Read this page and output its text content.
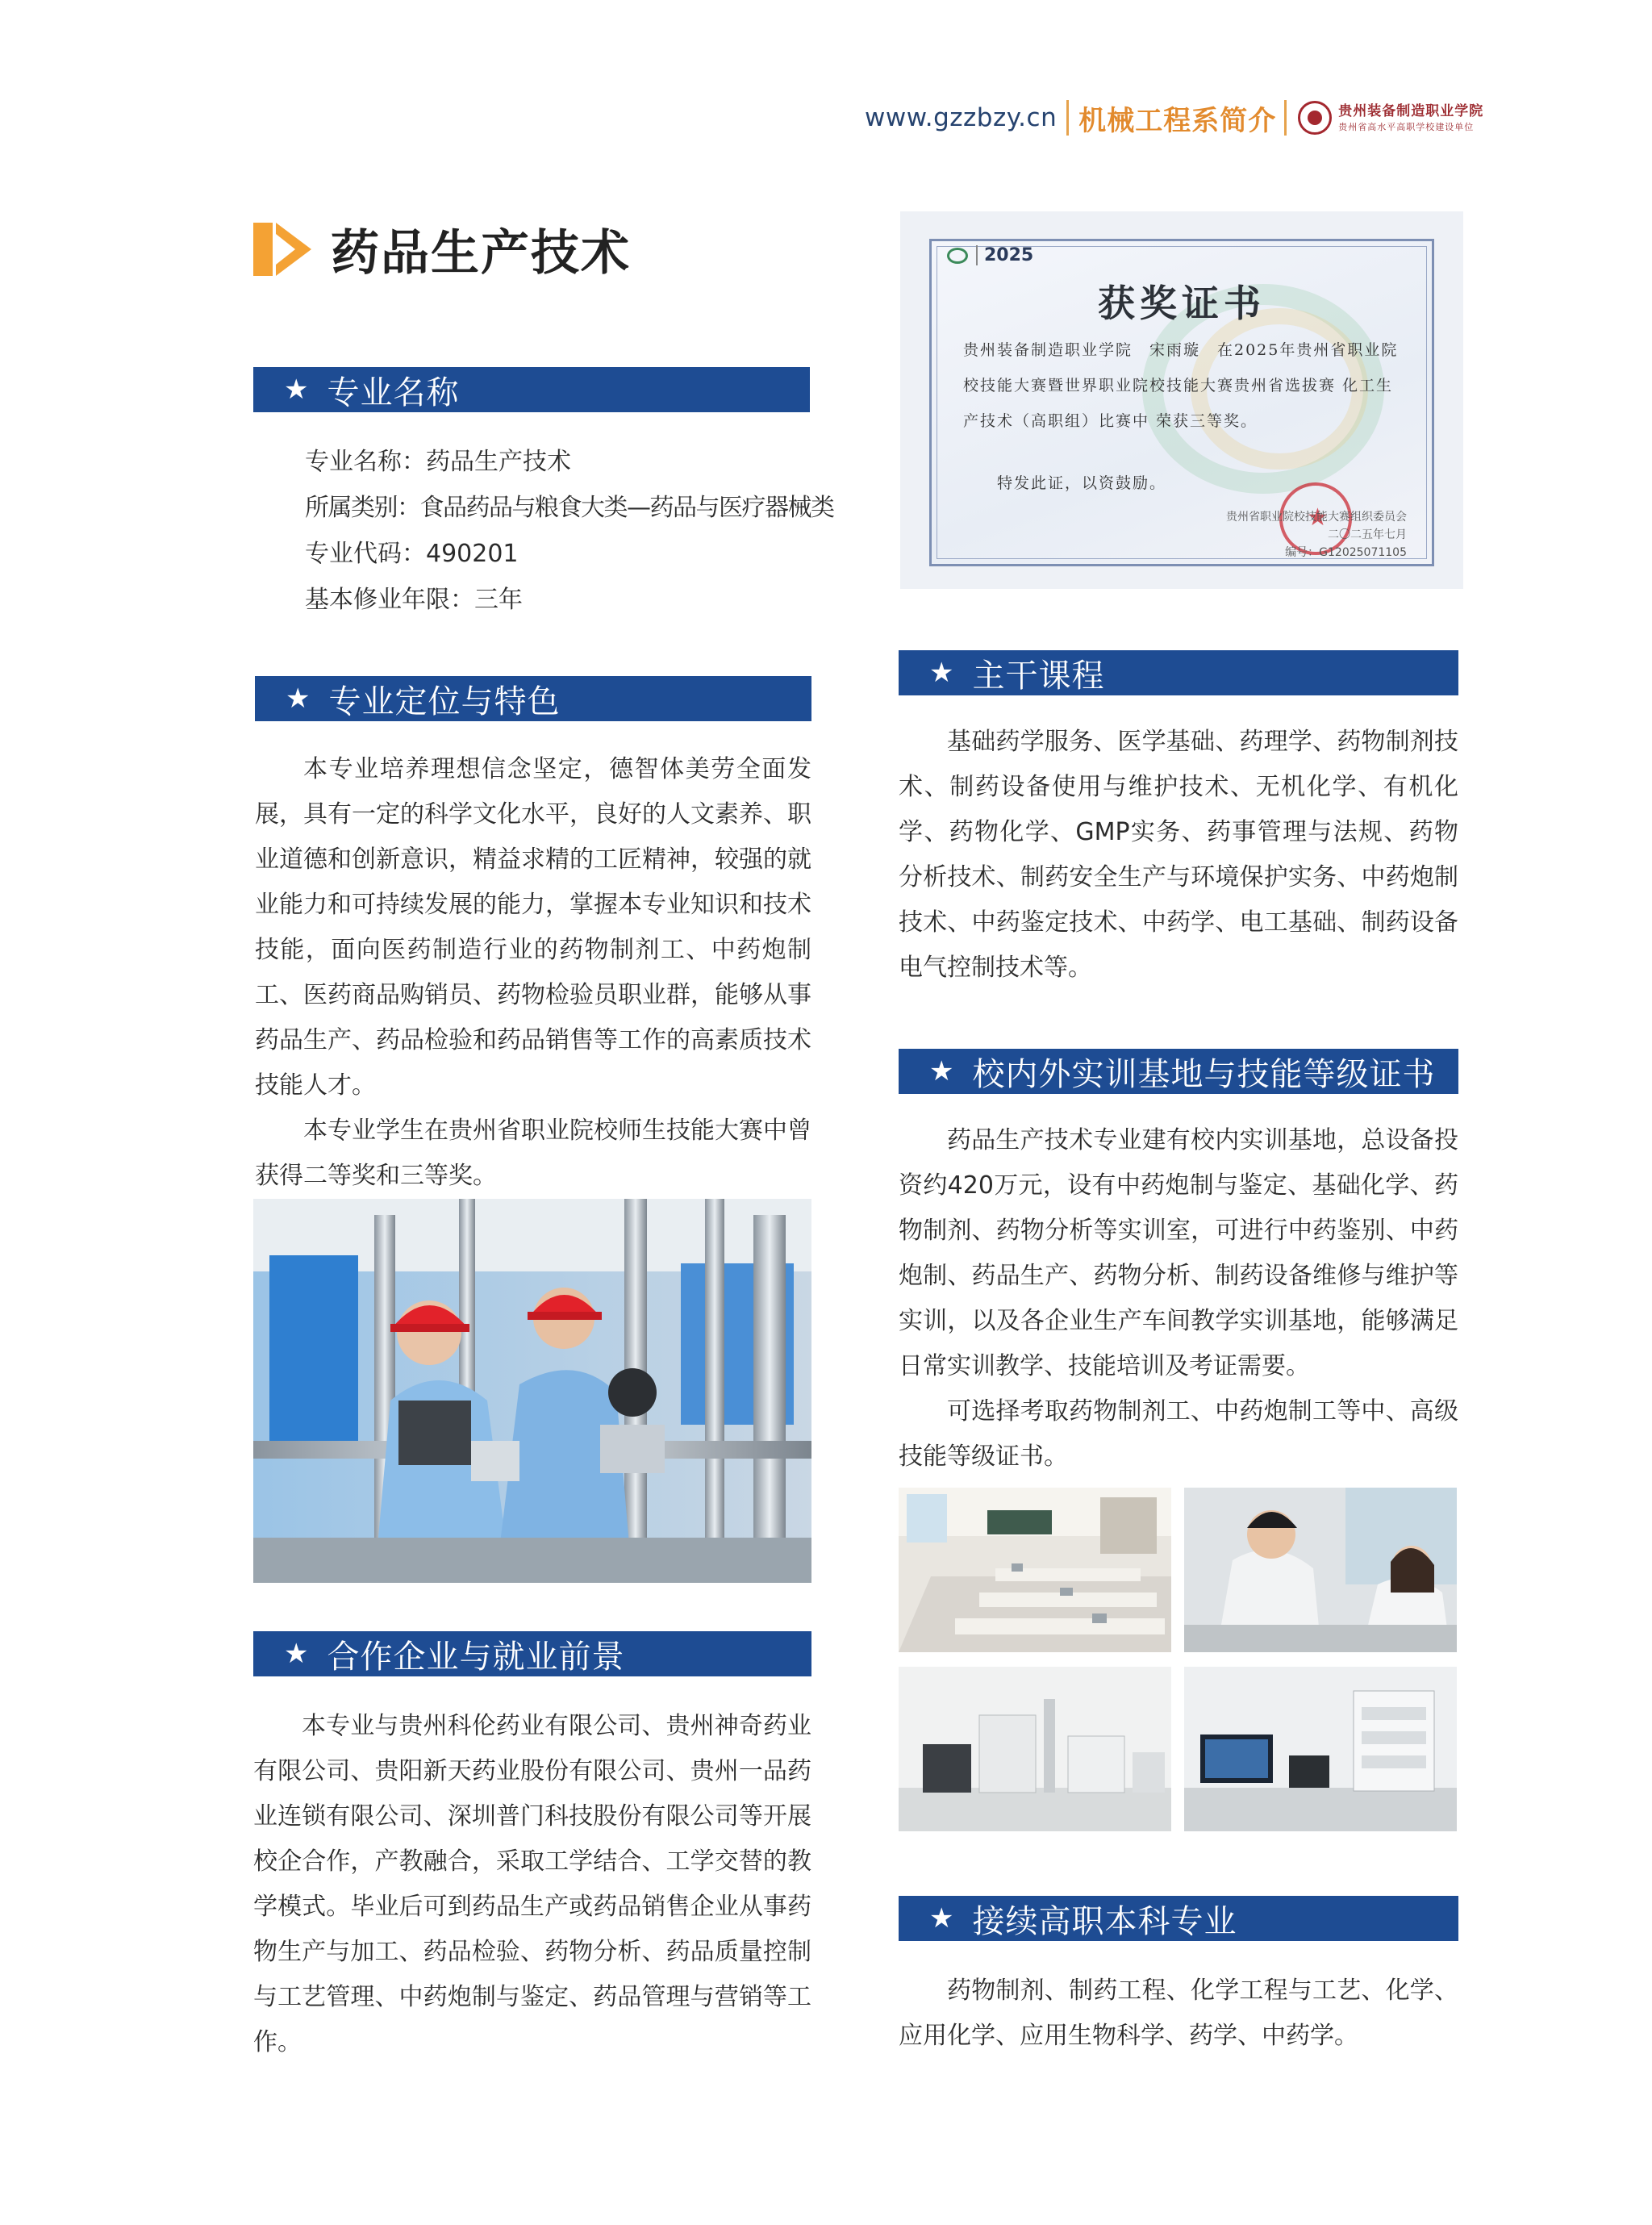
www.gzzbzy.cn 机械工程系简介	贵州装备制造职业学院
贵州省高水平高职学校建设单位
药品生产技术
★ 专业名称
专业名称：药品生产技术
所属类别：食品药品与粮食大类—药品与医疗器械类
专业代码：490201
基本修业年限：三年
★ 专业定位与特色

本专业培养理想信念坚定，德智体美劳全面发展，具有一定的科学文化水平，良好的人文素养、职业道德和创新意识，精益求精的工匠精神，较强的就业能力和可持续发展的能力，掌握本专业知识和技术技能，面向医药制造行业的药物制剂工、中药炮制工、医药商品购销员、药物检验员职业群，能够从事药品生产、药品检验和药品销售等工作的高素质技术技能人才。

本专业学生在贵州省职业院校师生技能大赛中曾获得二等奖和三等奖。

★ 合作企业与就业前景

本专业与贵州科伦药业有限公司、贵州神奇药业有限公司、贵阳新天药业股份有限公司、贵州一品药业连锁有限公司、深圳普门科技股份有限公司等开展校企合作，产教融合，采取工学结合、工学交替的教学模式。毕业后可到药品生产或药品销售企业从事药物生产与加工、药品检验、药物分析、药品质量控制与工艺管理、中药炮制与鉴定、药品管理与营销等工作。

2025
获奖证书
贵州装备制造职业学院　宋雨璇　在2025年贵州省职业院校技能大赛暨世界职业院校技能大赛贵州省选拔赛 化工生产技术（高职组）比赛中 荣获三等奖。
特发此证，以资鼓励。
★
贵州省职业院校技能大赛组织委员会
二〇二五年七月
编号：G12025071105
★ 主干课程

基础药学服务、医学基础、药理学、药物制剂技术、制药设备使用与维护技术、无机化学、有机化学、药物化学、GMP实务、药事管理与法规、药物分析技术、制药安全生产与环境保护实务、中药炮制技术、中药鉴定技术、中药学、电工基础、制药设备电气控制技术等。

★ 校内外实训基地与技能等级证书

药品生产技术专业建有校内实训基地，总设备投资约420万元，设有中药炮制与鉴定、基础化学、药物制剂、药物分析等实训室，可进行中药鉴别、中药炮制、药品生产、药物分析、制药设备维修与维护等实训，以及各企业生产车间教学实训基地，能够满足日常实训教学、技能培训及考证需要。

可选择考取药物制剂工、中药炮制工等中、高级技能等级证书。

★ 接续高职本科专业

药物制剂、制药工程、化学工程与工艺、化学、应用化学、应用生物科学、药学、中药学。
